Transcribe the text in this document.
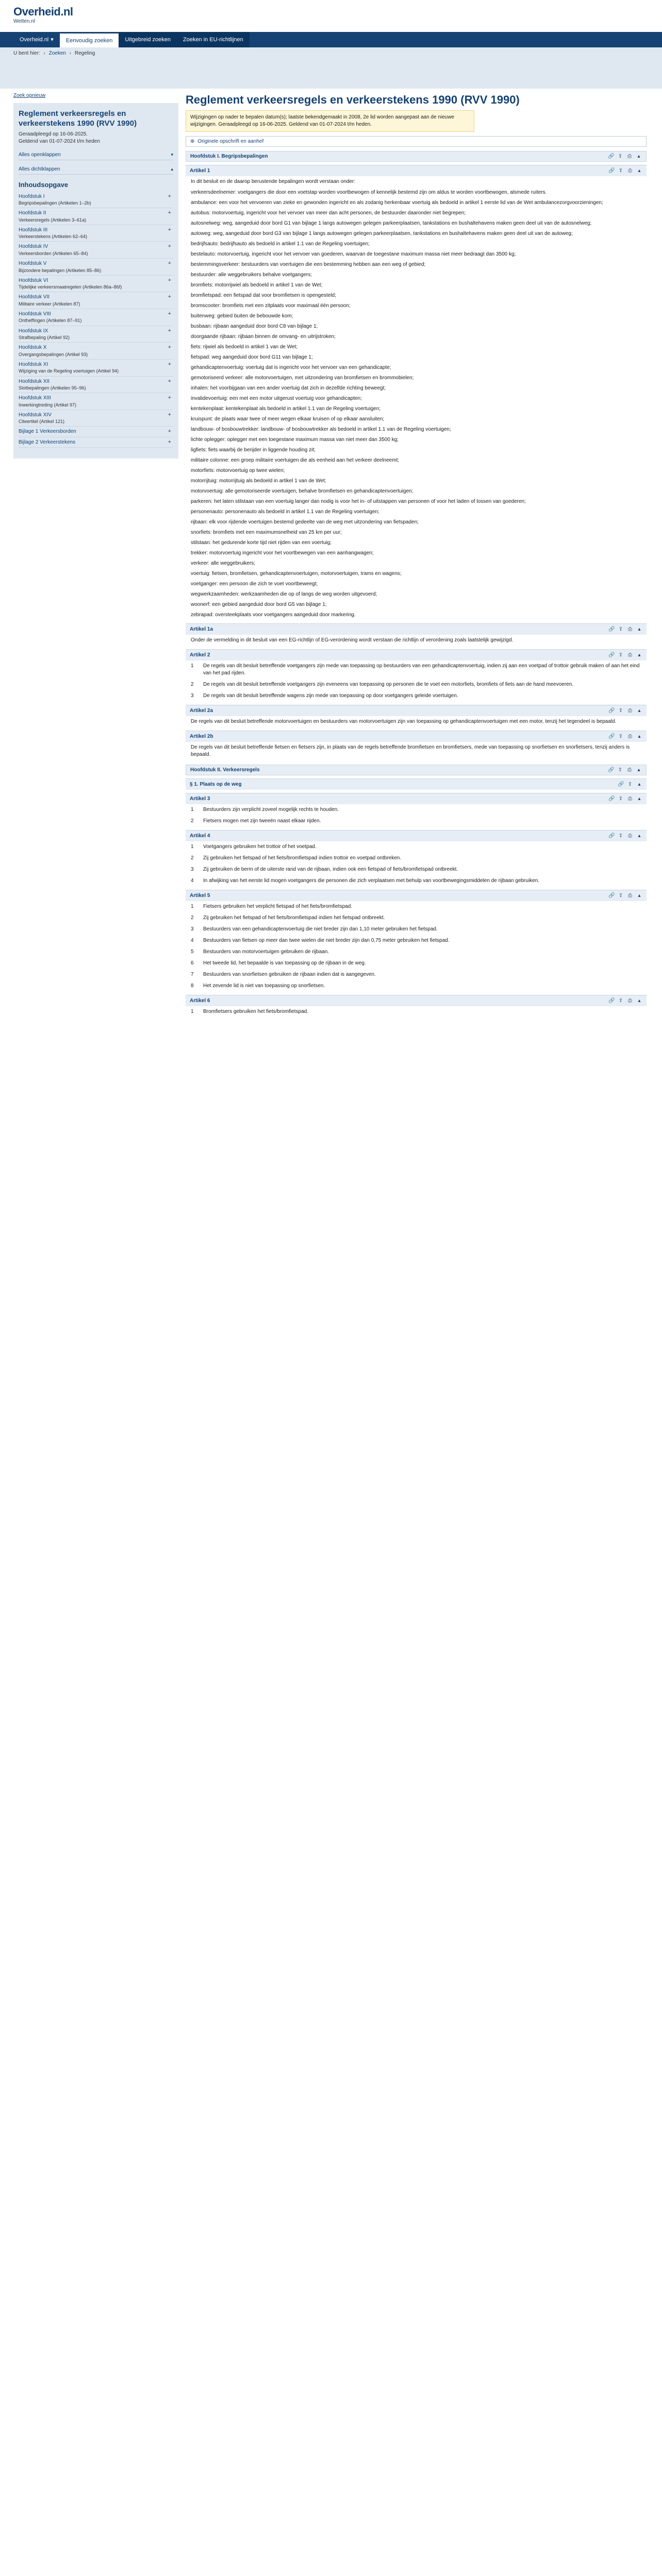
Overheid.nl
Wetten.nl
Overheid.nl ▾	Eenvoudig zoeken	Uitgebreid zoeken	Zoeken in EU-richtlijnen
U bent hier: › Zoeken › Regeling
Zoek opnieuw
Reglement verkeersregels en verkeerstekens 1990 (RVV 1990)
Geraadpleegd op 16-06-2025.
Geldend van 01-07-2024 t/m heden
Alles openklappen	▾
Alles dichtklappen	▴
Inhoudsopgave
Hoofdstuk I
Begripsbepalingen (Artikelen 1–2b)
+
Hoofdstuk II
Verkeersregels (Artikelen 3–61a)
+
Hoofdstuk III
Verkeerstekens (Artikelen 62–64)
+
Hoofdstuk IV
Verkeersborden (Artikelen 65–84)
+
Hoofdstuk V
Bijzondere bepalingen (Artikelen 85–86)
+
Hoofdstuk VI
Tijdelijke verkeersmaatregelen (Artikelen 86a–86f)
+
Hoofdstuk VII
Militaire verkeer (Artikelen 87)
+
Hoofdstuk VIII
Ontheffingen (Artikelen 87–91)
+
Hoofdstuk IX
Strafbepaling (Artikel 92)
+
Hoofdstuk X
Overgangsbepalingen (Artikel 93)
+
Hoofdstuk XI
Wijziging van de Regeling voertuigen (Artikel 94)
+
Hoofdstuk XII
Slotbepalingen (Artikelen 95–96)
+
Hoofdstuk XIII
Inwerkingtreding (Artikel 97)
+
Hoofdstuk XIV
Citeertitel (Artikel 121)
+
Bijlage 1 Verkeersborden	+
Bijlage 2 Verkeerstekens	+
Reglement verkeersregels en verkeerstekens 1990 (RVV 1990)
Wijzigingen op nader te bepalen datum(s); laatste bekendgemaakt in 2008, 2e lid worden aangepast aan de nieuwe wijzigingen. Geraadpleegd op 16-06-2025. Geldend van 01-07-2024 t/m heden.
⊕ Originele opschrift en aanhef
Hoofdstuk I. Begripsbepalingen	🔗 ⇪ ⎙	▴
Artikel 1	🔗 ⇪ ⎙	▴
In dit besluit en de daarop berustende bepalingen wordt verstaan onder:
verkeersdeelnemer: voetgangers die door een voetstap worden voortbewogen of kennelijk bestemd zijn om aldus te worden voortbewogen, alsmede ruiters.
ambulance: een voor het vervoeren van zieke en gewonden ingericht en als zodanig herkenbaar voertuig als bedoeld in artikel 1 eerste lid van de Wet ambulancezorgvoorzieningen;
autobus: motorvoertuig, ingericht voor het vervoer van meer dan acht personen, de bestuurder daaronder niet begrepen;
autosnelweg: weg, aangeduid door bord G1 van bijlage 1 langs autowegen gelegen parkeerplaatsen, tankstations en bushaltehavens maken geen deel uit van de autosnelweg;
autoweg: weg, aangeduid door bord G3 van bijlage 1 langs autowegen gelegen parkeerplaatsen, tankstations en bushaltehavens maken geen deel uit van de autoweg;
bedrijfsauto: bedrijfsauto als bedoeld in artikel 1.1 van de Regeling voertuigen;
bestelauto: motorvoertuig, ingericht voor het vervoer van goederen, waarvan de toegestane maximum massa niet meer bedraagt dan 3500 kg;
bestemmingsverkeer: bestuurders van voertuigen die een bestemming hebben aan een weg of gebied;
bestuurder: alle weggebruikers behalve voetgangers;
bromfiets: motorrijwiel als bedoeld in artikel 1 van de Wet;
bromfietspad: een fietspad dat voor bromfietsen is opengesteld;
bromscooter: bromfiets met een zitplaats voor maximaal één persoon;
buitenweg: gebied buiten de bebouwde kom;
busbaan: rijbaan aangeduid door bord C8 van bijlage 1;
doorgaande rijbaan: rijbaan binnen de omvang- en uitrijstroken;
fiets: rijwiel als bedoeld in artikel 1 van de Wet;
fietspad: weg aangeduid door bord G11 van bijlage 1;
gehandicaptenvoertuig: voertuig dat is ingericht voor het vervoer van een gehandicapte;
gemotoriseerd verkeer: alle motorvoertuigen, met uitzondering van bromfietsen en brommobielen;
inhalen: het voorbijgaan van een ander voertuig dat zich in dezelfde richting beweegt;
invalidevoertuig: een met een motor uitgerust voertuig voor gehandicapten;
kentekenplaat: kentekenplaat als bedoeld in artikel 1.1 van de Regeling voertuigen;
kruispunt: de plaats waar twee of meer wegen elkaar kruisen of op elkaar aansluiten;
landbouw- of bosbouwtrekker: landbouw- of bosbouwtrekker als bedoeld in artikel 1.1 van de Regeling voertuigen;
lichte oplegger: oplegger met een toegestane maximum massa van niet meer dan 3500 kg;
ligfiets: fiets waarbij de berijder in liggende houding zit;
militaire colonne: een groep militaire voertuigen die als eenheid aan het verkeer deelneemt;
motorfiets: motorvoertuig op twee wielen;
motorrijtuig: motorrijtuig als bedoeld in artikel 1 van de Wet;
motorvoertuig: alle gemotoriseerde voertuigen, behalve bromfietsen en gehandicaptenvoertuigen;
parkeren: het laten stilstaan van een voertuig langer dan nodig is voor het in- of uitstappen van personen of voor het laden of lossen van goederen;
personenauto: personenauto als bedoeld in artikel 1.1 van de Regeling voertuigen;
rijbaan: elk voor rijdende voertuigen bestemd gedeelte van de weg met uitzondering van fietspaden;
snorfiets: bromfiets met een maximumsnelheid van 25 km per uur;
stilstaan: het gedurende korte tijd niet rijden van een voertuig;
trekker: motorvoertuig ingericht voor het voortbewegen van een aanhangwagen;
verkeer: alle weggebruikers;
voertuig: fietsen, bromfietsen, gehandicaptenvoertuigen, motorvoertuigen, trams en wagens;
voetganger: een persoon die zich te voet voortbeweegt;
wegwerkzaamheden: werkzaamheden die op of langs de weg worden uitgevoerd;
woonerf: een gebied aangeduid door bord G5 van bijlage 1;
zebrapad: oversteekplaats voor voetgangers aangeduid door markering.
Artikel 1a	🔗 ⇪ ⎙	▴
Onder de vermelding in dit besluit van een EG-richtlijn of EG-verordening wordt verstaan die richtlijn of verordening zoals laatstelijk gewijzigd.
Artikel 2	🔗 ⇪ ⎙	▴
1	De regels van dit besluit betreffende voetgangers zijn mede van toepassing op bestuurders van een gehandicaptenvoertuig, indien zij aan een voetpad of trottoir gebruik maken of aan het eind van het pad rijden.
2	De regels van dit besluit betreffende voetgangers zijn eveneens van toepassing op personen die te voet een motorfiets, bromfiets of fiets aan de hand meevoeren.
3	De regels van dit besluit betreffende wagens zijn mede van toepassing op door voetgangers geleide voertuigen.
Artikel 2a	🔗 ⇪ ⎙	▴
De regels van dit besluit betreffende motorvoertuigen en bestuurders van motorvoertuigen zijn van toepassing op gehandicaptenvoertuigen met een motor, tenzij het tegendeel is bepaald.
Artikel 2b	🔗 ⇪ ⎙	▴
De regels van dit besluit betreffende fietsen en fietsers zijn, in plaats van de regels betreffende bromfietsen en bromfietsers, mede van toepassing op snorfietsen en snorfietsers, tenzij anders is bepaald.
Hoofdstuk II. Verkeersregels	🔗 ⇪ ⎙	▴
§ 1. Plaats op de weg	🔗 ⇪	▴
Artikel 3	🔗 ⇪ ⎙	▴
1	Bestuurders zijn verplicht zoveel mogelijk rechts te houden.
2	Fietsers mogen met zijn tweeën naast elkaar rijden.
Artikel 4	🔗 ⇪ ⎙	▴
1	Voetgangers gebruiken het trottoir of het voetpad.
2	Zij gebruiken het fietspad of het fiets/bromfietspad indien trottoir en voetpad ontbreken.
3	Zij gebruiken de berm of de uiterste rand van de rijbaan, indien ook een fietspad of fiets/bromfietspad ontbreekt.
4	In afwijking van het eerste lid mogen voetgangers die personen die zich verplaatsen met behulp van voortbewegingsmiddelen de rijbaan gebruiken.
Artikel 5	🔗 ⇪ ⎙	▴
1	Fietsers gebruiken het verplicht fietspad of het fiets/bromfietspad.
2	Zij gebruiken het fietspad of het fiets/bromfietspad indien het fietspad ontbreekt.
3	Bestuurders van een gehandicaptenvoertuig die niet breder zijn dan 1,10 meter gebruiken het fietspad.
4	Bestuurders van fietsen op meer dan twee wielen die niet breder zijn dan 0,75 meter gebruiken het fietspad.
5	Bestuurders van motorvoertuigen gebruiken de rijbaan.
6	Het tweede lid, het bepaalde is van toepassing op de rijbaan in de weg.
7	Bestuurders van snorfietsen gebruiken de rijbaan indien dat is aangegeven.
8	Het zevende lid is niet van toepassing op snorfietsen.
Artikel 6	🔗 ⇪ ⎙	▴
1	Bromfietsers gebruiken het fiets/bromfietspad.
